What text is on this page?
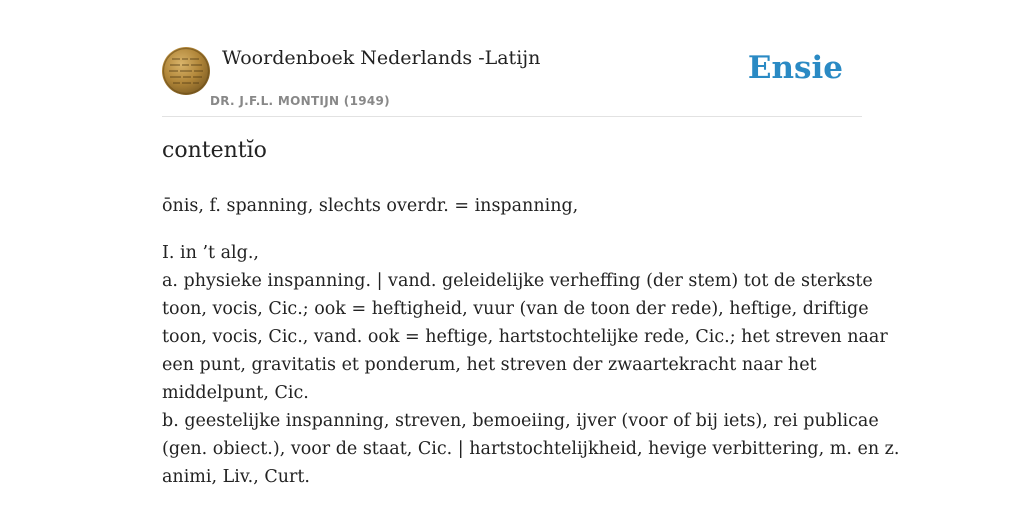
Woordenboek Nederlands -Latijn
DR. J.F.L. MONTIJN (1949)
Ensie
contentĭo

ōnis, f. spanning, slechts overdr. = inspanning,

I. in ’t alg.,
a. physieke inspanning. | vand. geleidelijke verheffing (der stem) tot de sterkste
toon, vocis, Cic.; ook = heftigheid, vuur (van de toon der rede), heftige, driftige
toon, vocis, Cic., vand. ook = heftige, hartstochtelijke rede, Cic.; het streven naar
een punt, gravitatis et ponderum, het streven der zwaartekracht naar het
middelpunt, Cic.
b. geestelijke inspanning, streven, bemoeiing, ijver (voor of bij iets), rei publicae
(gen. obiect.), voor de staat, Cic. | hartstochtelijkheid, hevige verbittering, m. en z.
animi, Liv., Curt.
